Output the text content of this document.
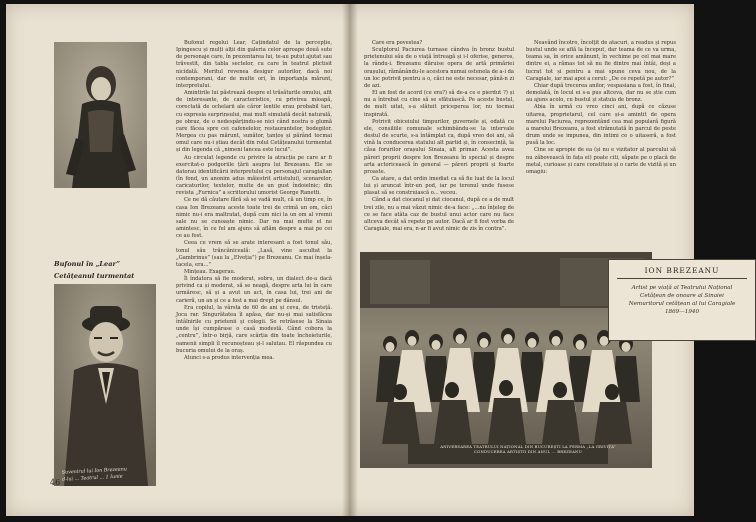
Bufonul în „Lear”
Cetățeanul turmentat
Suvenirul lui Ion Brezeanu
d-lui ... Teatrul ... 1 Iunie

Bufonul regelui Lear, Cațindatul de la percepție, Ipingescu și mulți alții din galeria celor aproape două sute de personaje care, în prezentarea lui, te-au putut ajutat sau trăvestit, din tabla sectelor, cu care în teatrul plictisit nicidată. Meritul revenea desigur autorilor, dacă noi contemporani, dar de multe ori, în importanța mărunt, interpretului.

Amintirile lui păstrează despre el trăsăturile omului, afit de interesante, de caracteristice, cu privirea mioapă, corectată de ochelarii ale căror lentile erau probabil tari, cu expresia surprinsului, mai mult simulată decât naturală, pe obraz, de o nedespărțindu-se nici când nostra o glumă care făcea spre cei cafenelelor, restaurantelor, bodegilor. Mergea cu pas mărunt, sunător, țanțoș și părând tocmai omul care nu-i știau decât din rolul Cetățeanului turmentat și din legenda că „nimeni lancea este lucul”.

Au circulat legende cu privire la atracția pe care ar fi exercitat-o podgoriile țării asupra lui Brezeanu. Ele se datorau identificării interpretului cu personajul caragialian (în fond, un anonim adus măiestrit artistului), scenarelor, caricaturilor, textelor, multe de un gust îndoielnic; din revista „Furnica” a scriitorului umorist George Ranetti.

Ce ne dă căutare fără să se vadă mult, că un timp ce, în casa Ion Brezeanu aceste toate trei de crimă un om, căci nimic nu-i era maltratat, după cum nici la un om al vremii sale nu se cunoaște nimic. Dar nu mai multe el ne amintesc, în ce fel am ajuns să aflăm despre a mai pe cei ce au fost.

Ceea ce vrem să se arate interesant a fost tonul său, tonul său trăncăniceală: „Lasă, vine ascultat la „Gambrinus” (sau la „Elveția”) pe Brezeanu. Ce mai înșela-tacela, era...”

Mințeau. Exagerau.

Îl îndatora să fie moderat, sobru, un dialect de-a dacă privind ca și moderat, să se neagă, despre arta lui în care urmăresc, să și a avut un act, în casa lui, trei ani de carieră, un an și ce a fost a mai drept pe dânsul.

Era copilul, la vârsta de 60 de ani și ceva, de tristeță. Joca rar. Singurătatea îl apăsa, dar nu-și mai satisfăcea întâlnirile cu prietenii și colegii. Se retrăsese la Sinaia unde își cumpărase o casă modestă. Când cobora la „centru”, într-o birjă, care scârția din toate încheieturile, oamenii simpli îl recunoșteau și-l salutau. El răspundea cu bucuria omului de la oraș.

Atunci s-a produs intervenția mea.

46

Care era povestea?

Sculptorul Paciurea turnase cândva în bronz bustul prietenului său de o viață întreagă și i-l oferise, generos, la rându-i. Brezeanu dăruise opera de artă primăriei orașului, rămânându-le acestora numai ostenela de a-i da un loc potrivit pentru a o, căci ne este necesar, până-n zi de azi.

El an fost de acord (ce era?) să de-a ce e pierdut ?) și nu a întrebat cu cine să se sfătuiască. Pe aceste bustul, de mult uitat, s-a slătuit priceperea lor, nu tocmai inspirată.

Potrivit obiceiului timpurilor, guvernele și, odată cu ele, consiliile comunale schimbându-se la intervale destul de scurte, s-a întâmplat ca, după vreo doi ani, să vină la conducerea statului alt partid și, în consecință, la căsa forurilor orașului Sinaia, alt primar. Acesta avea păreri proprii despre Ion Brezeanu în special și despre arta actoricească în general — păreri proprii și foarte proaste.

Ca atare, a dat ordin imediat ca să fie luat de la locul lui și aruncat într-un pod, iar pe terenul unde fusese plasat să se construiască o... veceu.

Când a dat ciocanul și dat ciocanul, după ce a de mult trei zile, nu a mai văzut nimic de-a face: „...nu înțeleg de ce se face atâta caz de bustul unui actor care nu face altceva decât să repete pe autor. Dacă ar fi fost vorba de Caragiale, mai era, n-ar fi avut nimic de zis în contra”.

Neavând încotro, încolțit de atacuri, a readus și repus bustul unde se află la început, dar teama de ce va urma, teama sa, în orice amănunt, în vechime pe cel mai mare dintre ei, a rămas tot să nu fie dintre mai întâi, deși a lucrat tot și pentru a mai spune ceva nou, de la Caragiale, iar mai apoi a cerut: „De ce repetă pe autor?”

Chiar după trecerea anilor, vespasiana a fost, în final, demolată, în locul ei s-a pus altceva, dar nu se știe cum au ajuns acolo, cu bustul și statuia de bronz.

Abia în urmă cu vreo cinci ani, după ce căzuse uitarea, proprietarul, cel care și-a amintit de opera marelui Paciurea, reprezentând cea mai populară figură a marelui Brezeanu, a fost strămutată în parcul de peste drum unde se impunea, din intimi ce o uitaseră, a fost pusă la loc.

Cine se apropie de ea (și nu e vizitator al parcului să nu zăbovească în fața ei) poate citi, săpate pe o placă de metal, curioase și care constituie și o carte de vizită și un omagiu:

ANIVERSAREA TEATRULUI NAȚIONAL DIN BUCUREȘTI LA FERMA „LA GRIVIȚA”
CONDUCEREA ARTIȘTII DIN ANUL ... BREZEANU
ION BREZEANU
Artist pe viață al Teatrului Național
Cetățean de onoare al Sinaiei
Nemuritorul cetățean al lui Caragiale
1869—1940
